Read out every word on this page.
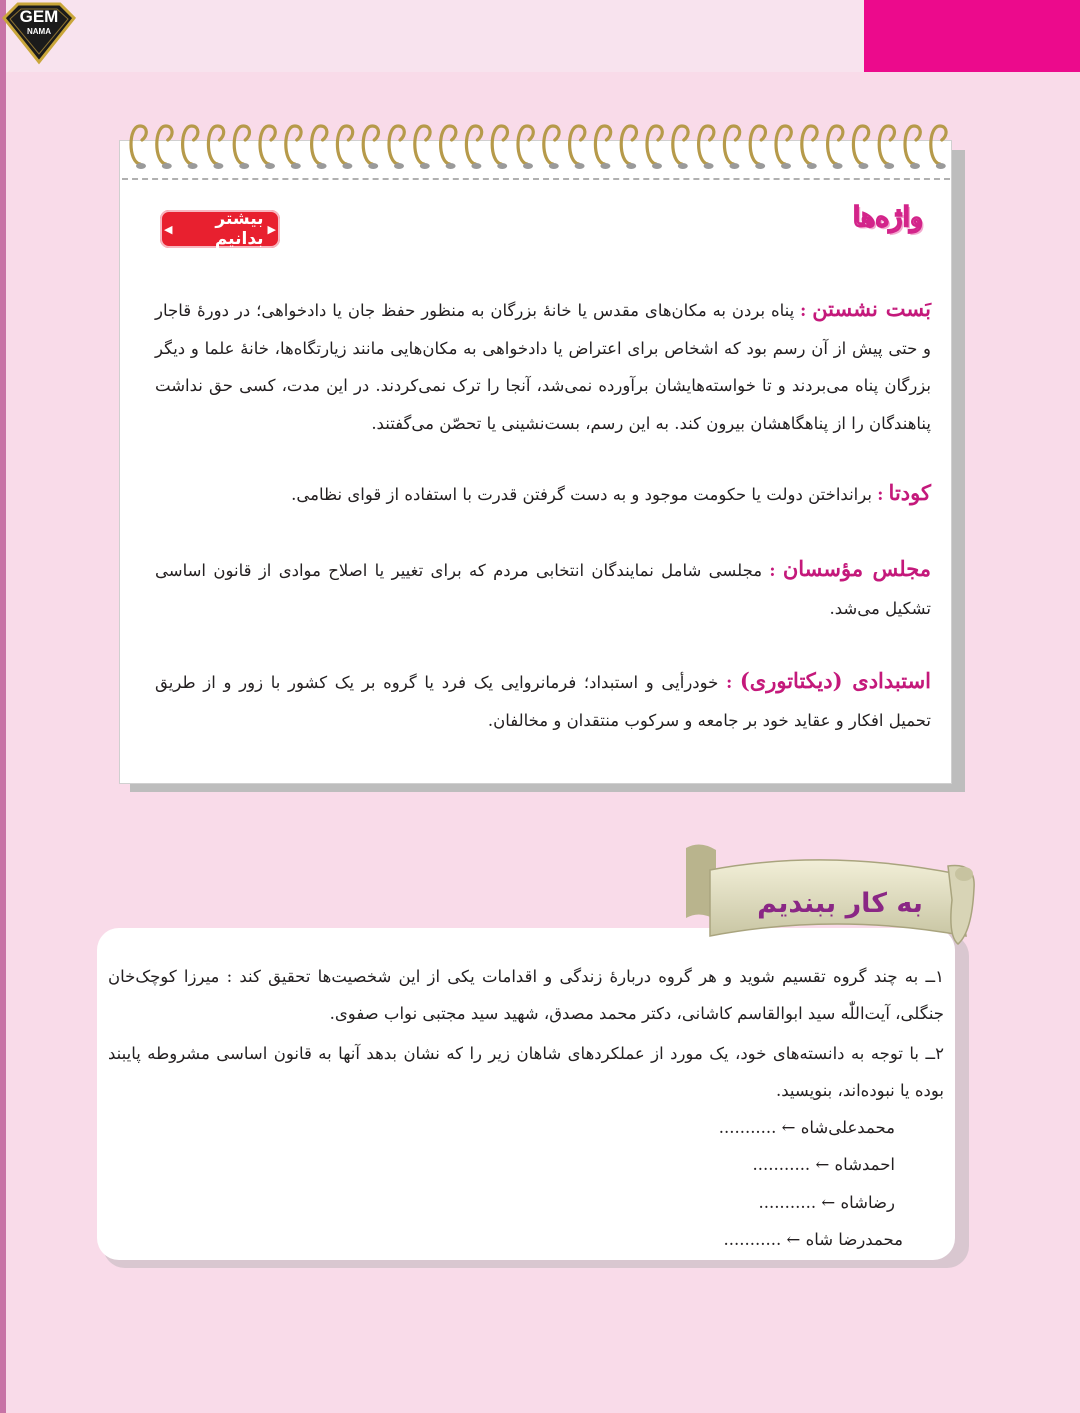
GEM
NAMA
واژه‌ها
▶
بیشتر بدانیم
◀
بَست نشستن : پناه بردن به مکان‌های مقدس یا خانهٔ بزرگان به منظور حفظ جان یا دادخواهی؛ در دورهٔ قاجار و حتی پیش از آن رسم بود که اشخاص برای اعتراض یا دادخواهی به مکان‌هایی مانند زیارتگاه‌ها، خانهٔ علما و دیگر بزرگان پناه می‌بردند و تا خواسته‌هایشان برآورده نمی‌شد، آنجا را ترک نمی‌کردند. در این مدت، کسی حق نداشت پناهندگان را از پناهگاهشان بیرون کند. به این رسم، بست‌نشینی یا تحصّن می‌گفتند.
کودتا : برانداختن دولت یا حکومت موجود و به دست گرفتن قدرت با استفاده از قوای نظامی.
مجلس مؤسسان : مجلسی شامل نمایندگان انتخابی مردم که برای تغییر یا اصلاح موادی از قانون اساسی تشکیل می‌شد.
استبدادی (دیکتاتوری) : خودرأیی و استبداد؛ فرمانروایی یک فرد یا گروه بر یک کشور با زور و از طریق تحمیل افکار و عقاید خود بر جامعه و سرکوب منتقدان و مخالفان.
به کار ببندیم
۱ــ به چند گروه تقسیم شوید و هر گروه دربارهٔ زندگی و اقدامات یکی از این شخصیت‌ها تحقیق کند : میرزا کوچک‌خان جنگلی، آیت‌اللّٰه سید ابوالقاسم کاشانی، دکتر محمد مصدق، شهید سید مجتبی نواب صفوی.
۲ــ با توجه به دانسته‌های خود، یک مورد از عملکردهای شاهان زیر را که نشان بدهد آنها به قانون اساسی مشروطه پایبند بوده یا نبوده‌اند، بنویسید.
محمدعلی‌شاه ← ...........
احمدشاه ← ...........
رضاشاه ← ...........
محمدرضا شاه ← ...........
